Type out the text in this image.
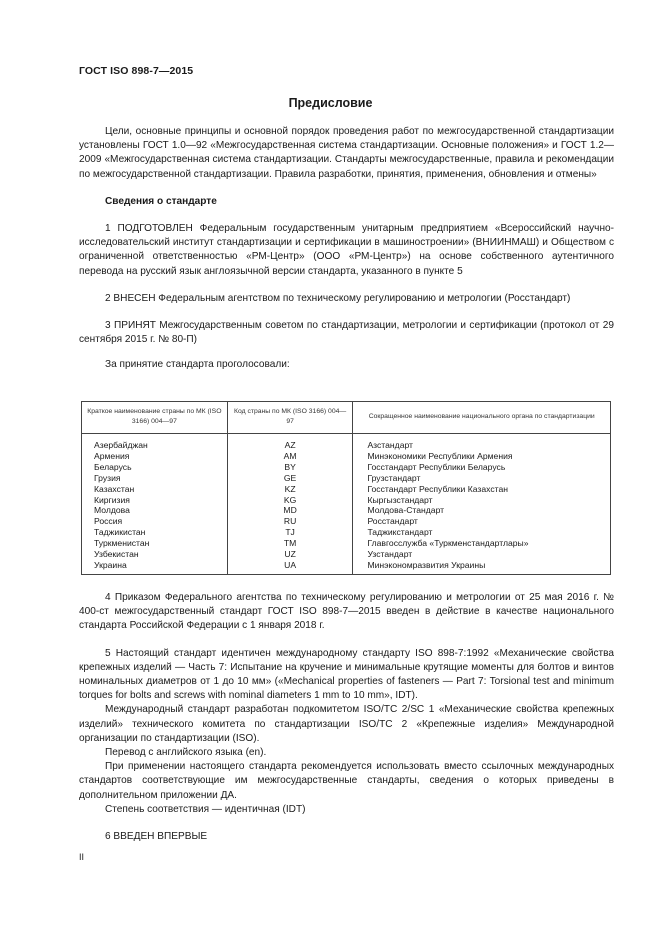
ГОСТ ISO 898-7—2015
Предисловие

Цели, основные принципы и основной порядок проведения работ по межгосударственной стандартизации установлены ГОСТ 1.0—92 «Межгосударственная система стандартизации. Основные положения» и ГОСТ 1.2—2009 «Межгосударственная система стандартизации. Стандарты межгосударственные, правила и рекомендации по межгосударственной стандартизации. Правила разработки, принятия, применения, обновления и отмены»

Сведения о стандарте

1 ПОДГОТОВЛЕН Федеральным государственным унитарным предприятием «Всероссийский научно-исследовательский институт стандартизации и сертификации в машиностроении» (ВНИИНМАШ) и Обществом с ограниченной ответственностью «РМ-Центр» (ООО «РМ-Центр») на основе собственного аутентичного перевода на русский язык англоязычной версии стандарта, указанного в пункте 5

2 ВНЕСЕН Федеральным агентством по техническому регулированию и метрологии (Росстандарт)

3 ПРИНЯТ Межгосударственным советом по стандартизации, метрологии и сертификации (протокол от 29 сентября 2015 г. № 80-П)

За принятие стандарта проголосовали:

Краткое наименование страны по МК (ISO 3166) 004—97	Код страны по МК (ISO 3166) 004—97	Сокращенное наименование национального органа по стандартизации
Азербайджан	AZ	Азстандарт
Армения	AM	Минэкономики Республики Армения
Беларусь	BY	Госстандарт Республики Беларусь
Грузия	GE	Грузстандарт
Казахстан	KZ	Госстандарт Республики Казахстан
Киргизия	KG	Кыргызстандарт
Молдова	MD	Молдова-Стандарт
Россия	RU	Росстандарт
Таджикистан	TJ	Таджикстандарт
Туркменистан	TM	Главгосслужба «Туркменстандартлары»
Узбекистан	UZ	Узстандарт
Украина	UA	Минэкономразвития Украины

4 Приказом Федерального агентства по техническому регулированию и метрологии от 25 мая 2016 г. № 400-ст межгосударственный стандарт ГОСТ ISO 898-7—2015 введен в действие в качестве национального стандарта Российской Федерации с 1 января 2018 г.

5 Настоящий стандарт идентичен международному стандарту ISO 898-7:1992 «Механические свойства крепежных изделий — Часть 7: Испытание на кручение и минимальные крутящие моменты для болтов и винтов номинальных диаметров от 1 до 10 мм» («Mechanical properties of fasteners — Part 7: Torsional test and minimum torques for bolts and screws with nominal diameters 1 mm to 10 mm», IDT).

Международный стандарт разработан подкомитетом ISO/TC 2/SC 1 «Механические свойства крепежных изделий» технического комитета по стандартизации ISO/TC 2 «Крепежные изделия» Международной организации по стандартизации (ISO).

Перевод с английского языка (en).

При применении настоящего стандарта рекомендуется использовать вместо ссылочных международных стандартов соответствующие им межгосударственные стандарты, сведения о которых приведены в дополнительном приложении ДА.

Степень соответствия — идентичная (IDT)

6 ВВЕДЕН ВПЕРВЫЕ

II
